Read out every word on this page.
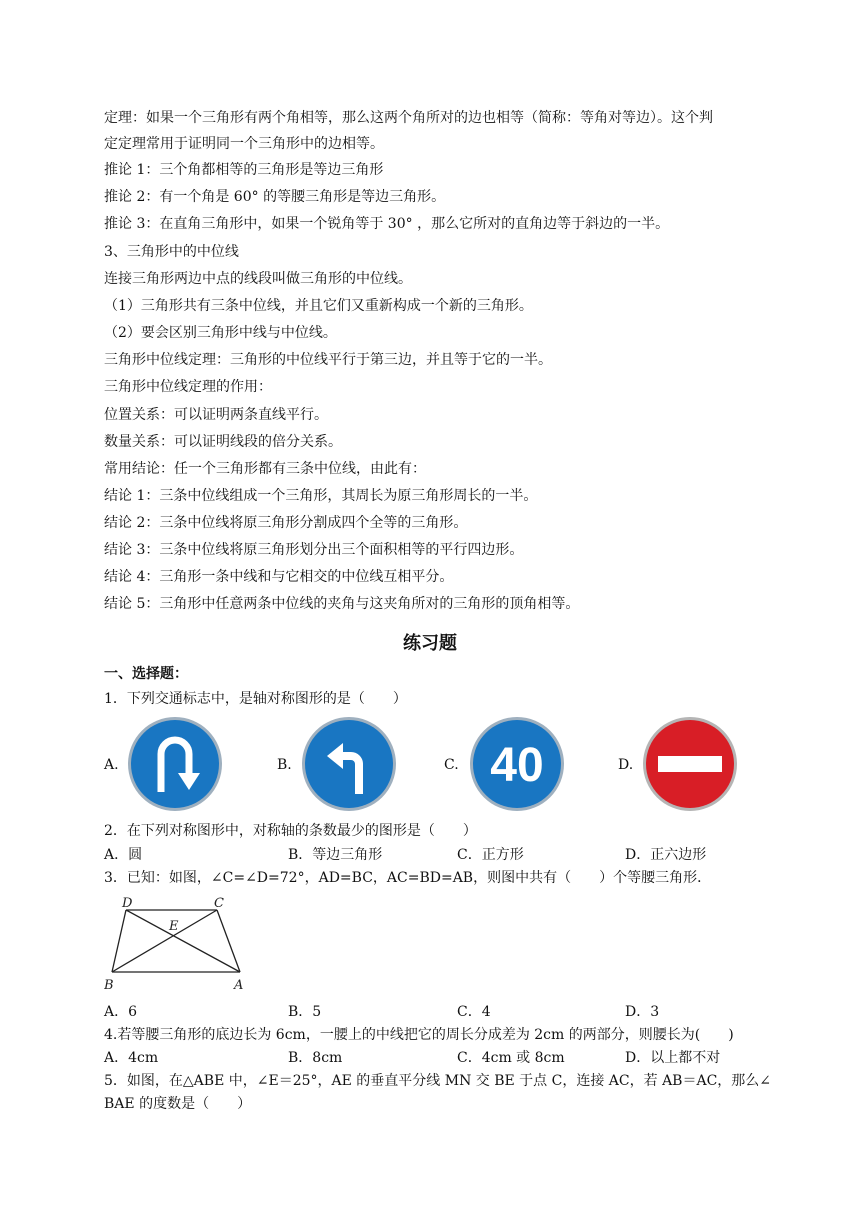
定理：如果一个三角形有两个角相等，那么这两个角所对的边也相等（简称：等角对等边）。这个判
定定理常用于证明同一个三角形中的边相等。
推论 1：三个角都相等的三角形是等边三角形
推论 2：有一个角是 60° 的等腰三角形是等边三角形。
推论 3：在直角三角形中，如果一个锐角等于 30° ，那么它所对的直角边等于斜边的一半。
3、三角形中的中位线
连接三角形两边中点的线段叫做三角形的中位线。
（1）三角形共有三条中位线，并且它们又重新构成一个新的三角形。
（2）要会区别三角形中线与中位线。
三角形中位线定理：三角形的中位线平行于第三边，并且等于它的一半。
三角形中位线定理的作用：
位置关系：可以证明两条直线平行。
数量关系：可以证明线段的倍分关系。
常用结论：任一个三角形都有三条中位线，由此有：
结论 1：三条中位线组成一个三角形，其周长为原三角形周长的一半。
结论 2：三条中位线将原三角形分割成四个全等的三角形。
结论 3：三条中位线将原三角形划分出三个面积相等的平行四边形。
结论 4：三角形一条中线和与它相交的中位线互相平分。
结论 5：三角形中任意两条中位线的夹角与这夹角所对的三角形的顶角相等。
练习题
一、选择题：
1．下列交通标志中，是轴对称图形的是（　　）
A.	B.	C. 40	D.
2．在下列对称图形中，对称轴的条数最少的图形是（　　）
A．圆	B．等边三角形	C．正方形	D．正六边形
3．已知：如图，∠C=∠D=72°，AD=BC，AC=BD=AB，则图中共有（　　）个等腰三角形．
D	C
E
B	A
A．6	B．5	C．4	D．3
4.若等腰三角形的底边长为 6cm，一腰上的中线把它的周长分成差为 2cm 的两部分，则腰长为(　　)
A．4cm	B．8cm	C．4cm 或 8cm	D．以上都不对
5．如图，在△ABE 中，∠E＝25°，AE 的垂直平分线 MN 交 BE 于点 C，连接 AC，若 AB＝AC，那么∠
BAE 的度数是（　　）
